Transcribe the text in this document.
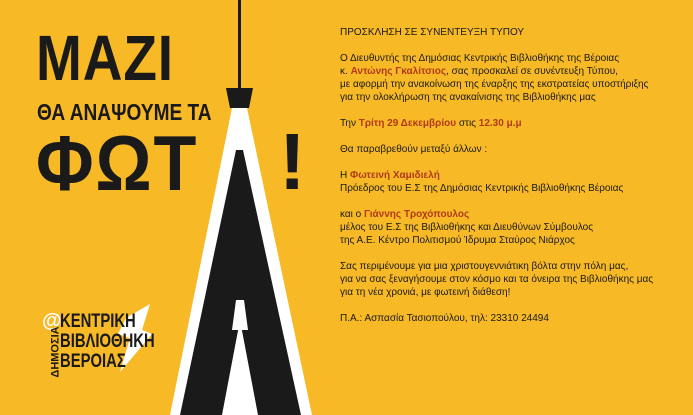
ΜΑΖΙ
ΘΑ ΑΝΑΨΟΥΜΕ ΤΑ
ΦΩΤ !
@
ΔΗΜΟΣΙΑ
ΚΕΝΤΡΙΚΗ
ΒΙΒΛΙΟΘΗΚΗ
ΒΕΡΟΙΑΣ

ΠΡΟΣΚΛΗΣΗ ΣΕ ΣΥΝΕΝΤΕΥΞΗ ΤΥΠΟΥ

Ο Διευθυντής της Δημόσιας Κεντρικής Βιβλιοθήκης της Βέροιας

κ. Αντώνης Γκαλίτσιος, σας προσκαλεί σε συνέντευξη Τύπου,

με αφορμή την ανακοίνωση της έναρξης της εκστρατείας υποστήριξης

για την ολοκλήρωση της ανακαίνισης της Βιβλιοθήκης μας

Την Τρίτη 29 Δεκεμβρίου στις 12.30 μ.μ

Θα παραβρεθούν μεταξύ άλλων :

Η Φωτεινή Χαμιδιελή

Πρόεδρος του Ε.Σ της Δημόσιας Κεντρικής Βιβλιοθήκης Βέροιας

και ο Γιάννης Τροχόπουλος

μέλος του Ε.Σ της Βιβλιοθήκης και Διευθύνων Σύμβουλος

της Α.Ε. Κέντρο Πολιτισμού Ίδρυμα Σταύρος Νιάρχος

Σας περιμένουμε για μια χριστουγεννιάτικη βόλτα στην πόλη μας,

για να σας ξεναγήσουμε στον κόσμο και τα όνειρα της Βιβλιοθήκης μας

για τη νέα χρονιά, με φωτεινή διάθεση!

Π.Α.: Ασπασία Τασιοπούλου, τηλ: 23310 24494
